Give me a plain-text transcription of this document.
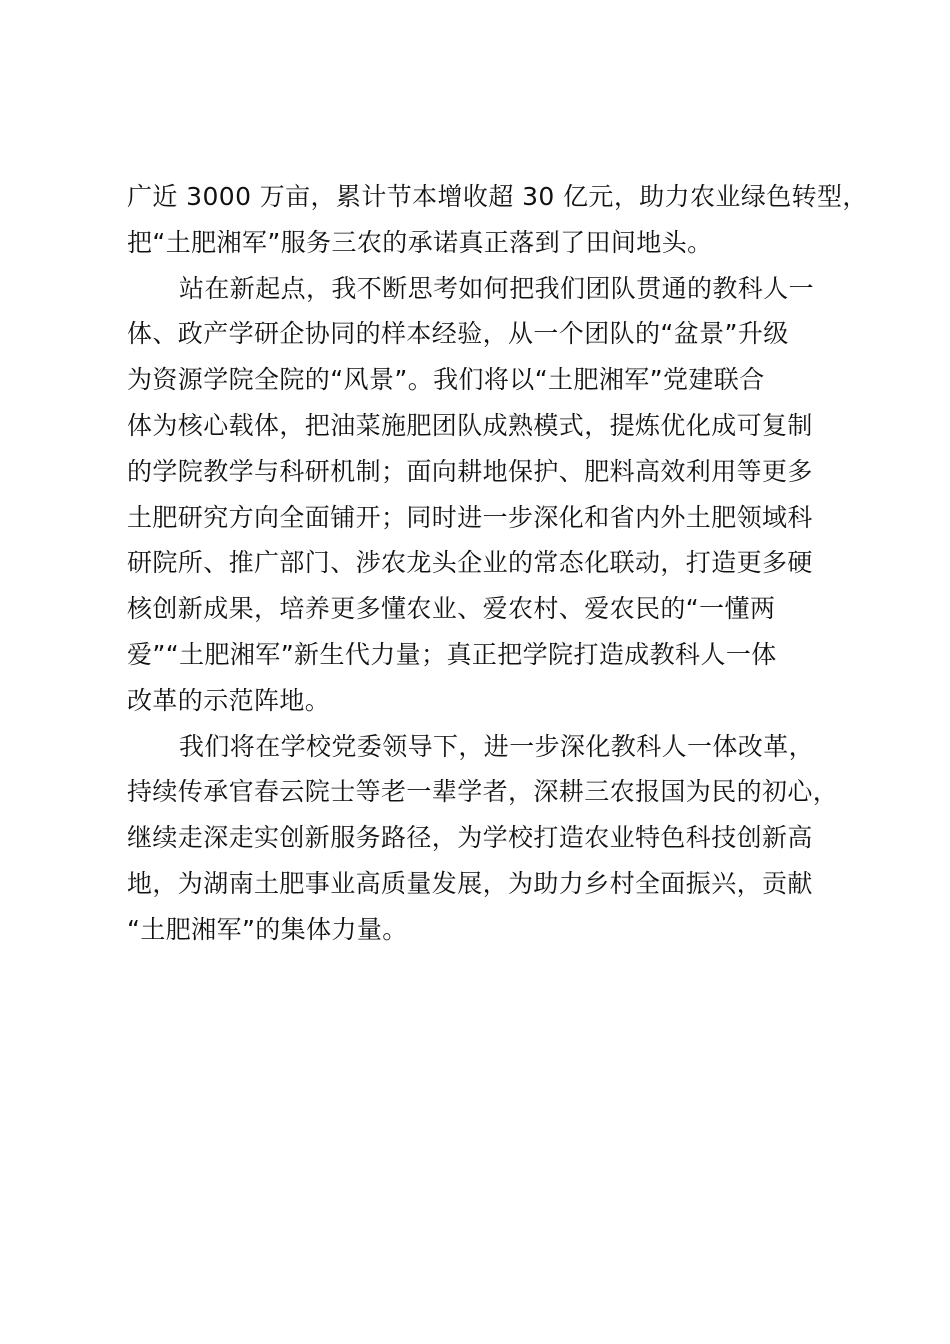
广近 3000 万亩，累计节本增收超 30 亿元，助力农业绿色转型，
把“土肥湘军”服务三农的承诺真正落到了田间地头。
站在新起点，我不断思考如何把我们团队贯通的教科人一
体、政产学研企协同的样本经验，从一个团队的“盆景”升级
为资源学院全院的“风景”。我们将以“土肥湘军”党建联合
体为核心载体，把油菜施肥团队成熟模式，提炼优化成可复制
的学院教学与科研机制；面向耕地保护、肥料高效利用等更多
土肥研究方向全面铺开；同时进一步深化和省内外土肥领域科
研院所、推广部门、涉农龙头企业的常态化联动，打造更多硬
核创新成果，培养更多懂农业、爱农村、爱农民的“一懂两
爱”“土肥湘军”新生代力量；真正把学院打造成教科人一体
改革的示范阵地。
我们将在学校党委领导下，进一步深化教科人一体改革，
持续传承官春云院士等老一辈学者，深耕三农报国为民的初心，
继续走深走实创新服务路径，为学校打造农业特色科技创新高
地，为湖南土肥事业高质量发展，为助力乡村全面振兴，贡献
“土肥湘军”的集体力量。
